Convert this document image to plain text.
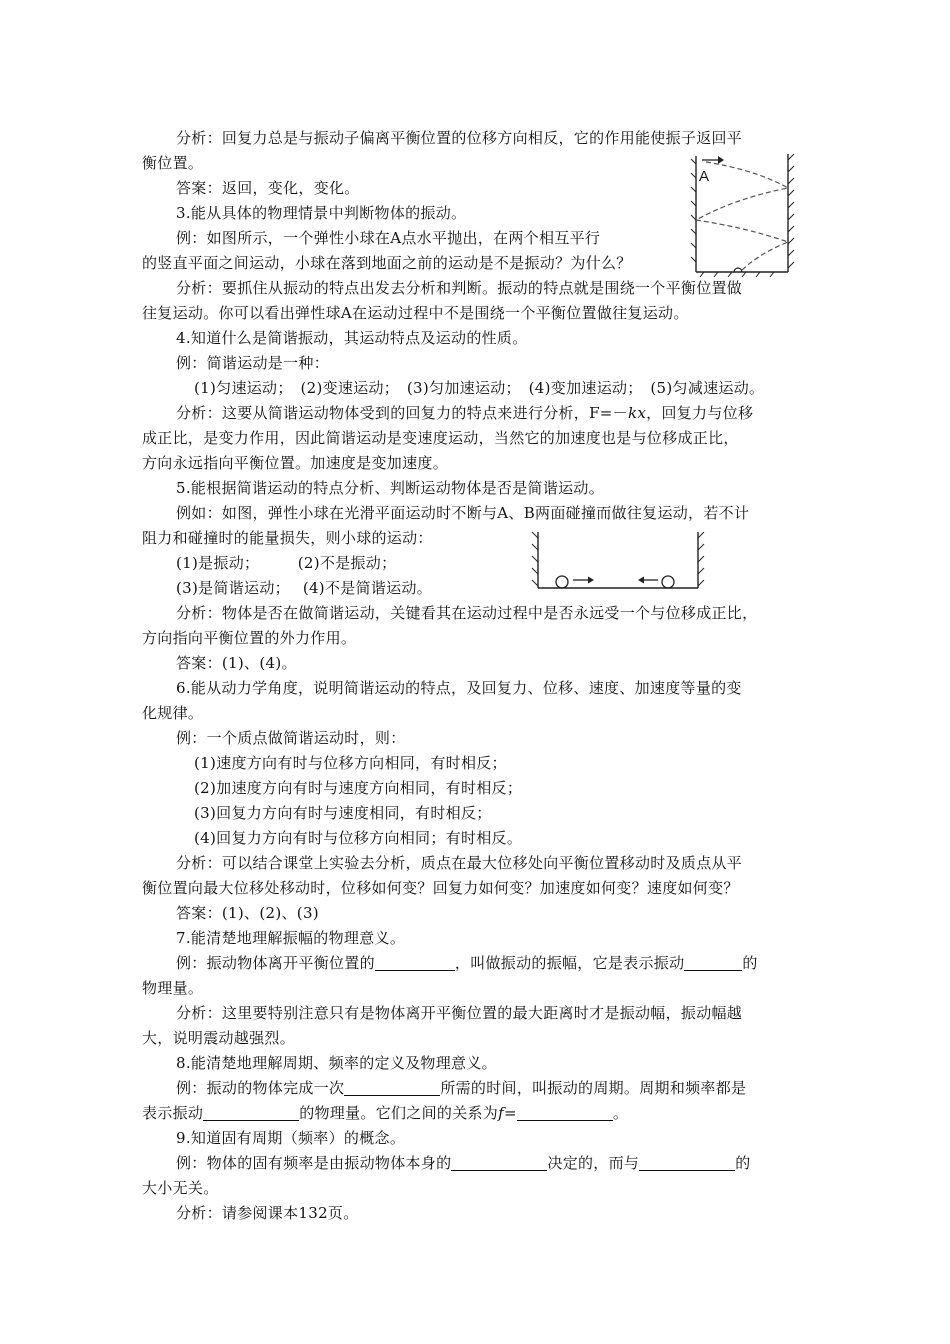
分析：回复力总是与振动子偏离平衡位置的位移方向相反，它的作用能使振子返回平
衡位置。
答案：返回，变化，变化。
3.能从具体的物理情景中判断物体的振动。
例：如图所示，一个弹性小球在A点水平抛出，在两个相互平行
的竖直平面之间运动，小球在落到地面之前的运动是不是振动？为什么？
分析：要抓住从振动的特点出发去分析和判断。振动的特点就是围绕一个平衡位置做
往复运动。你可以看出弹性球A在运动过程中不是围绕一个平衡位置做往复运动。
4.知道什么是简谐振动，其运动特点及运动的性质。
例：简谐运动是一种：
(1)匀速运动；　(2)变速运动；　(3)匀加速运动；　(4)变加速运动；　(5)匀减速运动。
分析：这要从简谐运动物体受到的回复力的特点来进行分析，F=－kx，回复力与位移
成正比，是变力作用，因此简谐运动是变速度运动，当然它的加速度也是与位移成正比，
方向永远指向平衡位置。加速度是变加速度。
5.能根据简谐运动的特点分析、判断运动物体是否是简谐运动。
例如：如图，弹性小球在光滑平面运动时不断与A、B两面碰撞而做往复运动，若不计
阻力和碰撞时的能量损失，则小球的运动：
(1)是振动；　　　(2)不是振动；
(3)是简谐运动；　 (4)不是简谐运动。
分析：物体是否在做简谐运动，关键看其在运动过程中是否永远受一个与位移成正比，
方向指向平衡位置的外力作用。
答案：(1)、(4)。
6.能从动力学角度，说明简谐运动的特点，及回复力、位移、速度、加速度等量的变
化规律。
例：一个质点做简谐运动时，则：
(1)速度方向有时与位移方向相同，有时相反；
(2)加速度方向有时与速度方向相同，有时相反；
(3)回复力方向有时与速度相同，有时相反；
(4)回复力方向有时与位移方向相同；有时相反。
分析：可以结合课堂上实验去分析，质点在最大位移处向平衡位置移动时及质点从平
衡位置向最大位移处移动时，位移如何变？回复力如何变？加速度如何变？速度如何变？
答案：(1)、(2)、(3)
7.能清楚地理解振幅的物理意义。
例：振动物体离开平衡位置的	，叫做振动的振幅，它是表示振动	的
物理量。
分析：这里要特别注意只有是物体离开平衡位置的最大距离时才是振动幅，振动幅越
大，说明震动越强烈。
8.能清楚地理解周期、频率的定义及物理意义。
例：振动的物体完成一次	所需的时间，叫振动的周期。周期和频率都是
表示振动	的物理量。它们之间的关系为f=	。
9.知道固有周期（频率）的概念。
例：物体的固有频率是由振动物体本身的	决定的，而与	的
大小无关。
分析：请参阅课本132页。
A
